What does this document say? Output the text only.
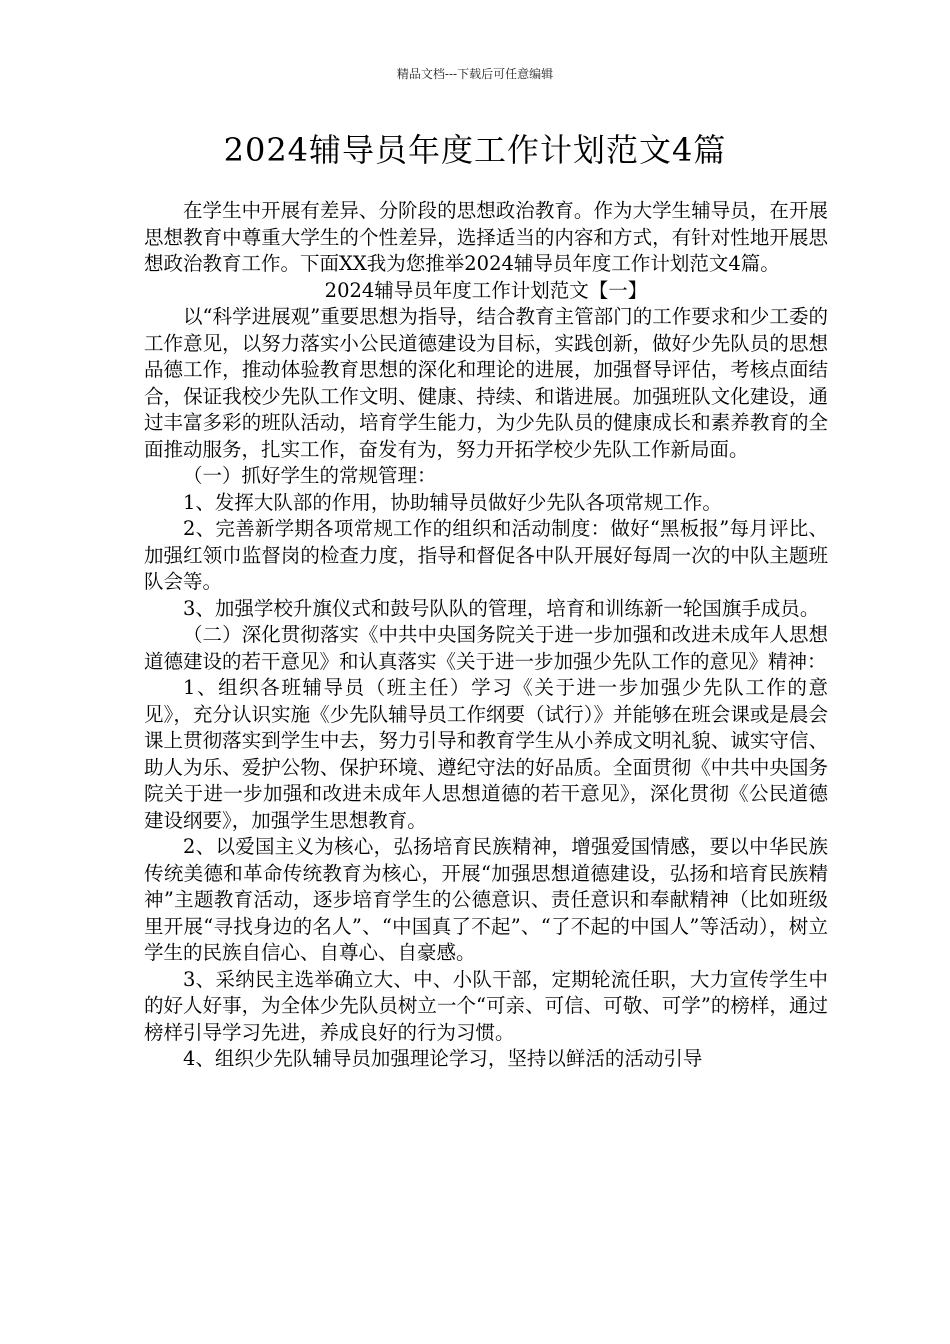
精品文档---下载后可任意编辑
2024辅导员年度工作计划范文4篇

在学生中开展有差异、分阶段的思想政治教育。作为大学生辅导员，在开展思想教育中尊重大学生的个性差异，选择适当的内容和方式，有针对性地开展思想政治教育工作。下面XX我为您推举2024辅导员年度工作计划范文4篇。

2024辅导员年度工作计划范文【一】

以“科学进展观”重要思想为指导，结合教育主管部门的工作要求和少工委的工作意见，以努力落实小公民道德建设为目标，实践创新，做好少先队员的思想品德工作，推动体验教育思想的深化和理论的进展，加强督导评估，考核点面结合，保证我校少先队工作文明、健康、持续、和谐进展。加强班队文化建设，通过丰富多彩的班队活动，培育学生能力，为少先队员的健康成长和素养教育的全面推动服务，扎实工作，奋发有为，努力开拓学校少先队工作新局面。

（一）抓好学生的常规管理：

1、发挥大队部的作用，协助辅导员做好少先队各项常规工作。

2、完善新学期各项常规工作的组织和活动制度：做好“黑板报”每月评比、加强红领巾监督岗的检查力度，指导和督促各中队开展好每周一次的中队主题班队会等。

3、加强学校升旗仪式和鼓号队队的管理，培育和训练新一轮国旗手成员。

（二）深化贯彻落实《中共中央国务院关于进一步加强和改进未成年人思想道德建设的若干意见》和认真落实《关于进一步加强少先队工作的意见》精神：

1、组织各班辅导员（班主任）学习《关于进一步加强少先队工作的意见》，充分认识实施《少先队辅导员工作纲要（试行）》并能够在班会课或是晨会课上贯彻落实到学生中去，努力引导和教育学生从小养成文明礼貌、诚实守信、助人为乐、爱护公物、保护环境、遵纪守法的好品质。全面贯彻《中共中央国务院关于进一步加强和改进未成年人思想道德的若干意见》，深化贯彻《公民道德建设纲要》，加强学生思想教育。

2、以爱国主义为核心，弘扬培育民族精神，增强爱国情感，要以中华民族传统美德和革命传统教育为核心，开展“加强思想道德建设，弘扬和培育民族精神”主题教育活动，逐步培育学生的公德意识、责任意识和奉献精神（比如班级里开展“寻找身边的名人”、“中国真了不起”、“了不起的中国人”等活动），树立学生的民族自信心、自尊心、自豪感。

3、采纳民主选举确立大、中、小队干部，定期轮流任职，大力宣传学生中的好人好事，为全体少先队员树立一个“可亲、可信、可敬、可学”的榜样，通过榜样引导学习先进，养成良好的行为习惯。

4、组织少先队辅导员加强理论学习，坚持以鲜活的活动引导
